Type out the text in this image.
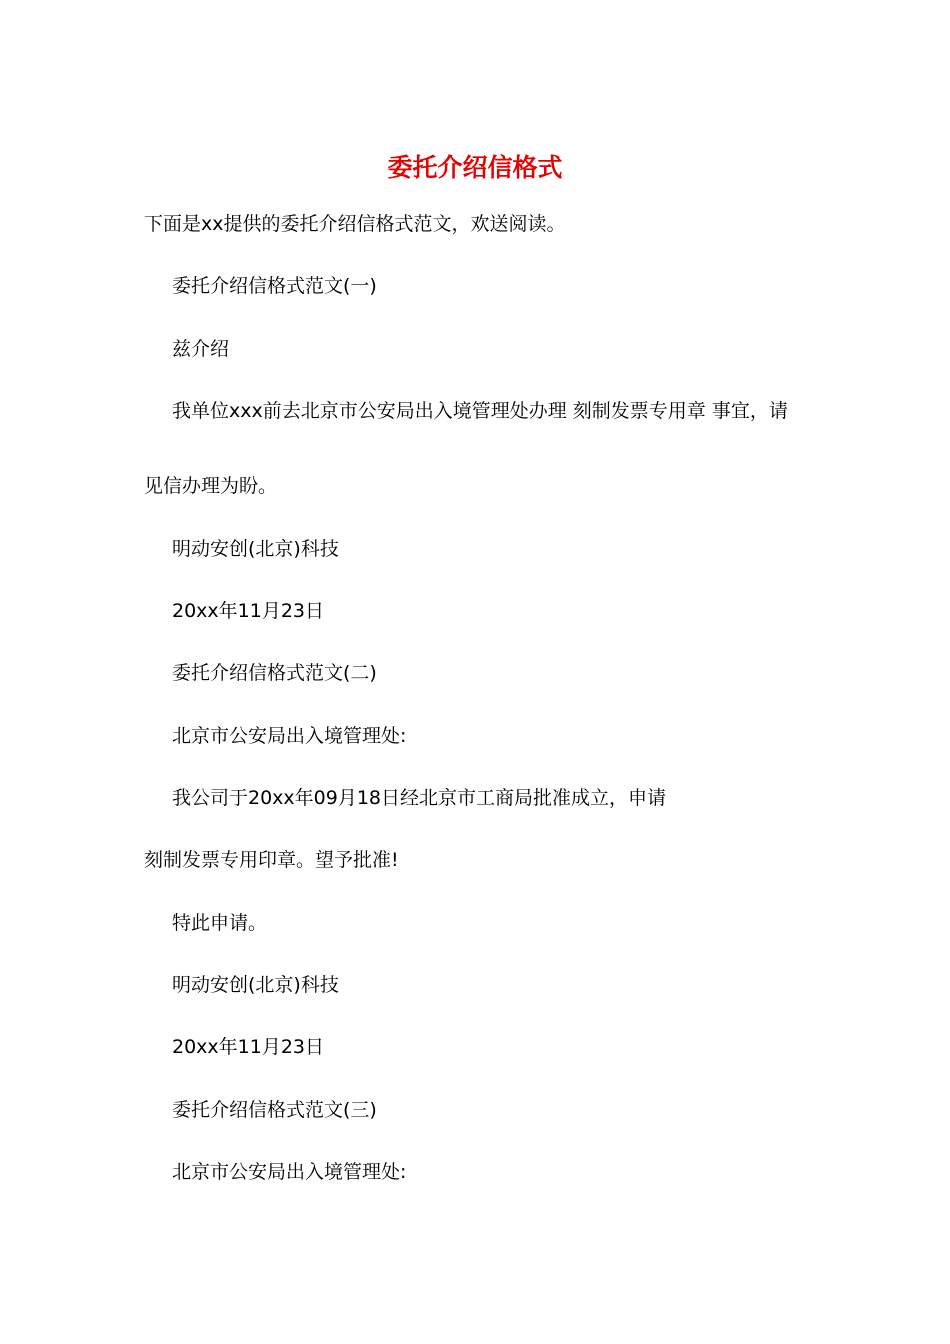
委托介绍信格式
下面是xx提供的委托介绍信格式范文，欢送阅读。
委托介绍信格式范文(一)
兹介绍
我单位xxx前去北京市公安局出入境管理处办理 刻制发票专用章 事宜，请
见信办理为盼。
明动安创(北京)科技
20xx年11月23日
委托介绍信格式范文(二)
北京市公安局出入境管理处:
我公司于20xx年09月18日经北京市工商局批准成立，申请
刻制发票专用印章。望予批准!
特此申请。
明动安创(北京)科技
20xx年11月23日
委托介绍信格式范文(三)
北京市公安局出入境管理处:
